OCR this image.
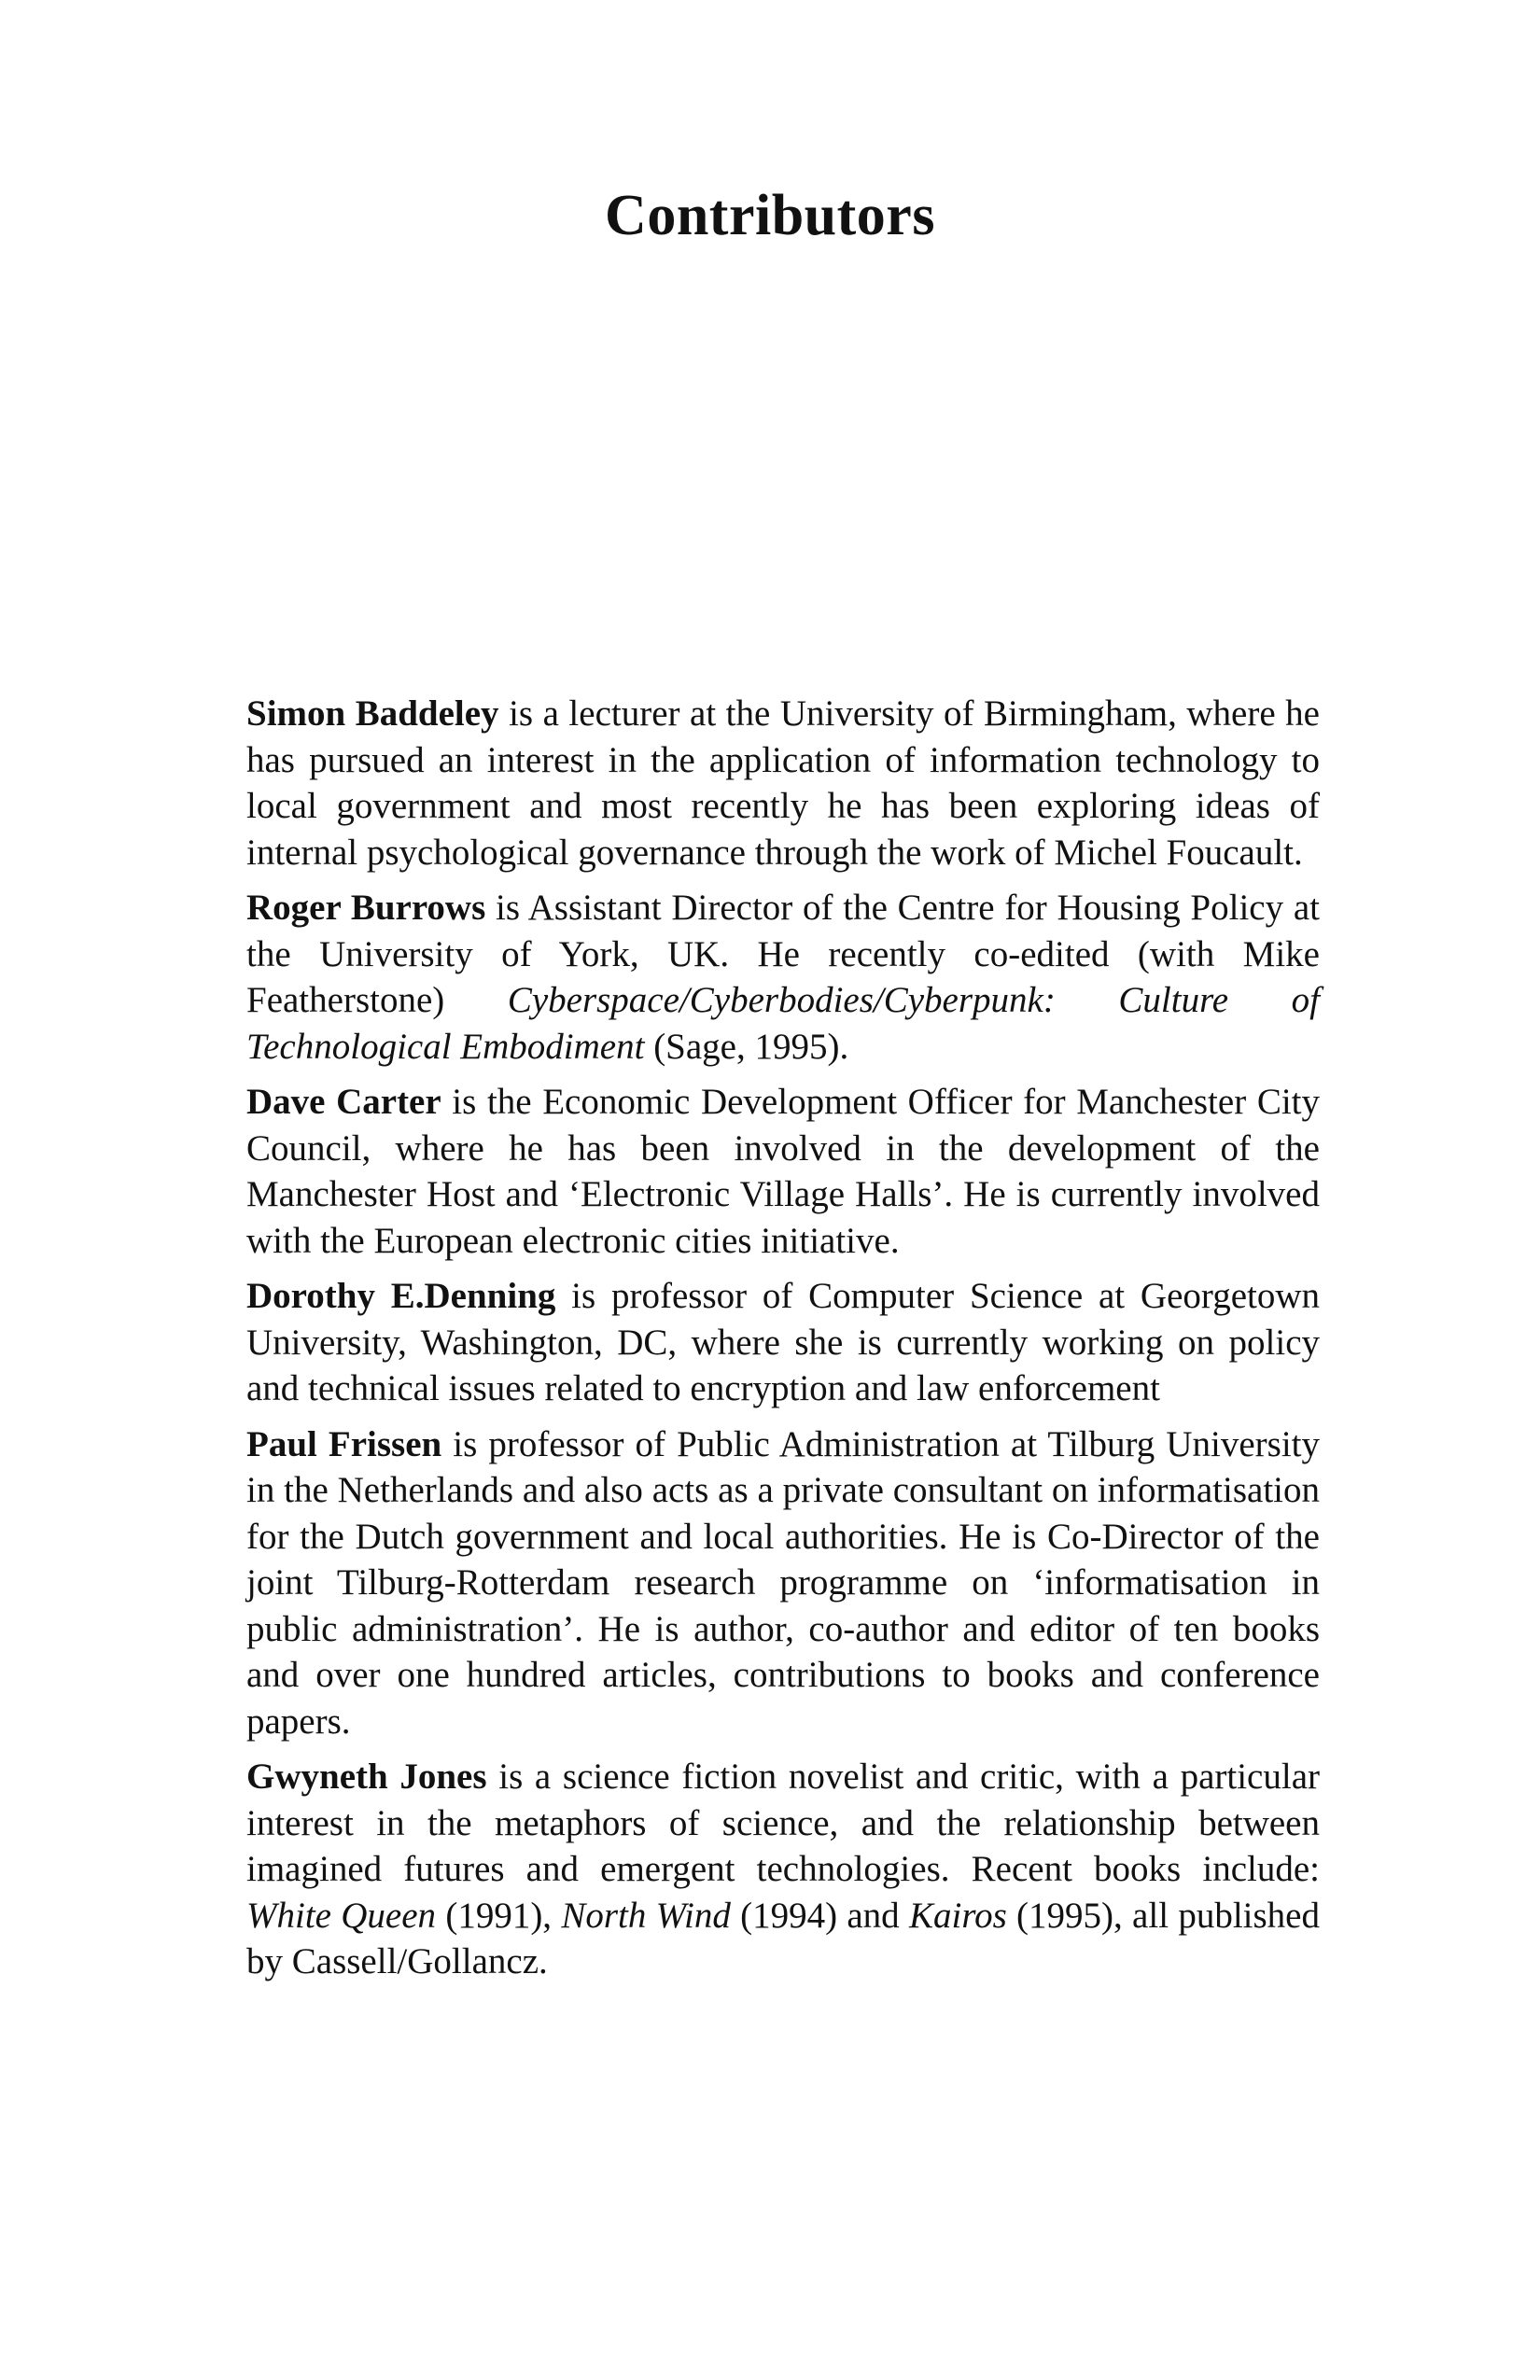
Contributors

Simon Baddeley is a lecturer at the University of Birmingham, where he has pursued an interest in the application of information technology to local government and most recently he has been exploring ideas of internal psychological governance through the work of Michel Foucault.

Roger Burrows is Assistant Director of the Centre for Housing Policy at the University of York, UK. He recently co-edited (with Mike Featherstone) Cyberspace/Cyberbodies/Cyberpunk: Culture of Technological Embodiment (Sage, 1995).

Dave Carter is the Economic Development Officer for Manchester City Council, where he has been involved in the development of the Manchester Host and ‘Electronic Village Halls’. He is currently involved with the European electronic cities initiative.

Dorothy E.Denning is professor of Computer Science at Georgetown University, Washington, DC, where she is currently working on policy and technical issues related to encryption and law enforcement

Paul Frissen is professor of Public Administration at Tilburg University in the Netherlands and also acts as a private consultant on informatisation for the Dutch government and local authorities. He is Co-Director of the joint Tilburg-Rotterdam research programme on ‘informatisation in public administration’. He is author, co-author and editor of ten books and over one hundred articles, contributions to books and conference papers.

Gwyneth Jones is a science fiction novelist and critic, with a particular interest in the metaphors of science, and the relationship between imagined futures and emergent technologies. Recent books include: White Queen (1991), North Wind (1994) and Kairos (1995), all published by Cassell/Gollancz.
